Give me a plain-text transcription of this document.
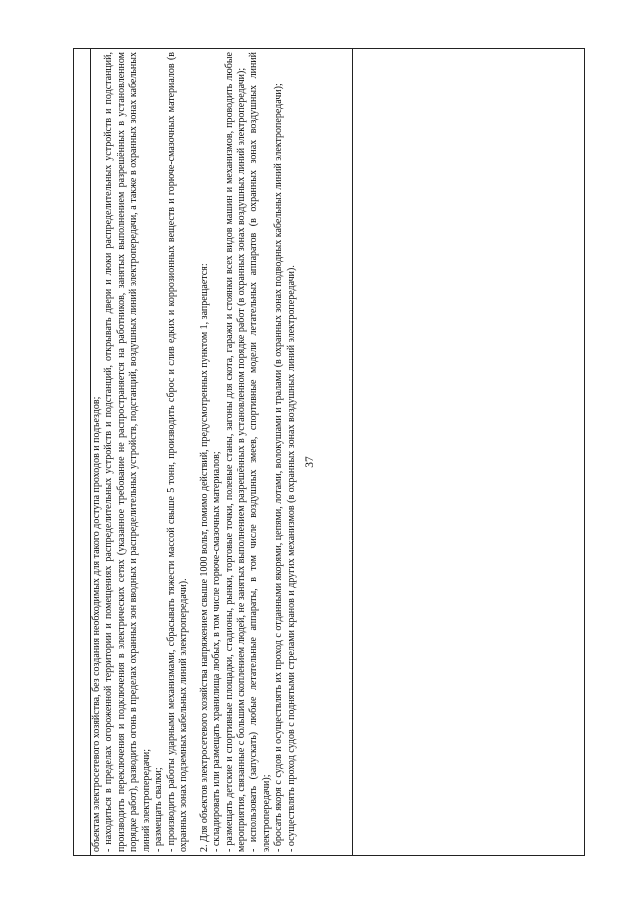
37

объектам электросетевого хозяйства, без создания необходимых для такого доступа проходов и подъездов; - находиться в пределах огороженной территории и помещениях распределительных устройств и подстанций, открывать двери и люки распределительных устройств и подстанций, производить переключения и подключения в электрических сетях (указанное требование не распространяется на работников, занятых выполнением разрешённых в установленном порядке работ), разводить огонь в пределах охранных зон вводных и распределительных устройств, подстанций, воздушных линий электропередачи, а также в охранных зонах кабельных линий электропередачи; - размещать свалки; - производить работы ударными механизмами, сбрасывать тяжести массой свыше 5 тонн, производить сброс и слив едких и коррозионных веществ и горюче-смазочных материалов (в охранных зонах подземных кабельных линий электропередачи). 2. Для объектов электросетевого хозяйства напряжением свыше 1000 вольт, помимо действий, предусмотренных пунктом 1, запрещается: - складировать или размещать хранилища любых, в том числе горюче-смазочных материалов; - размещать детские и спортивные площадки, стадионы, рынки, торговые точки, полевые станы, загоны для скота, гаражи и стоянки всех видов машин и механизмов, проводить любые мероприятия, связанные с большим скоплением людей, не занятых выполнением разрешённых в установленном порядке работ (в охранных зонах воздушных линий электропередачи); - использовать (запускать) любые летательные аппараты, в том числе воздушных змеев, спортивные модели летательных аппаратов (в охранных зонах воздушных линий электропередачи); - бросать якоря с судов и осуществлять их проход с отданными якорями, цепями, лотами, волокушами и тралами (в охранных зонах подводных кабельных линий электропередачи); - осуществлять проход судов с поднятыми стрелами кранов и других механизмов (в охранных зонах воздушных линий электропередачи).
